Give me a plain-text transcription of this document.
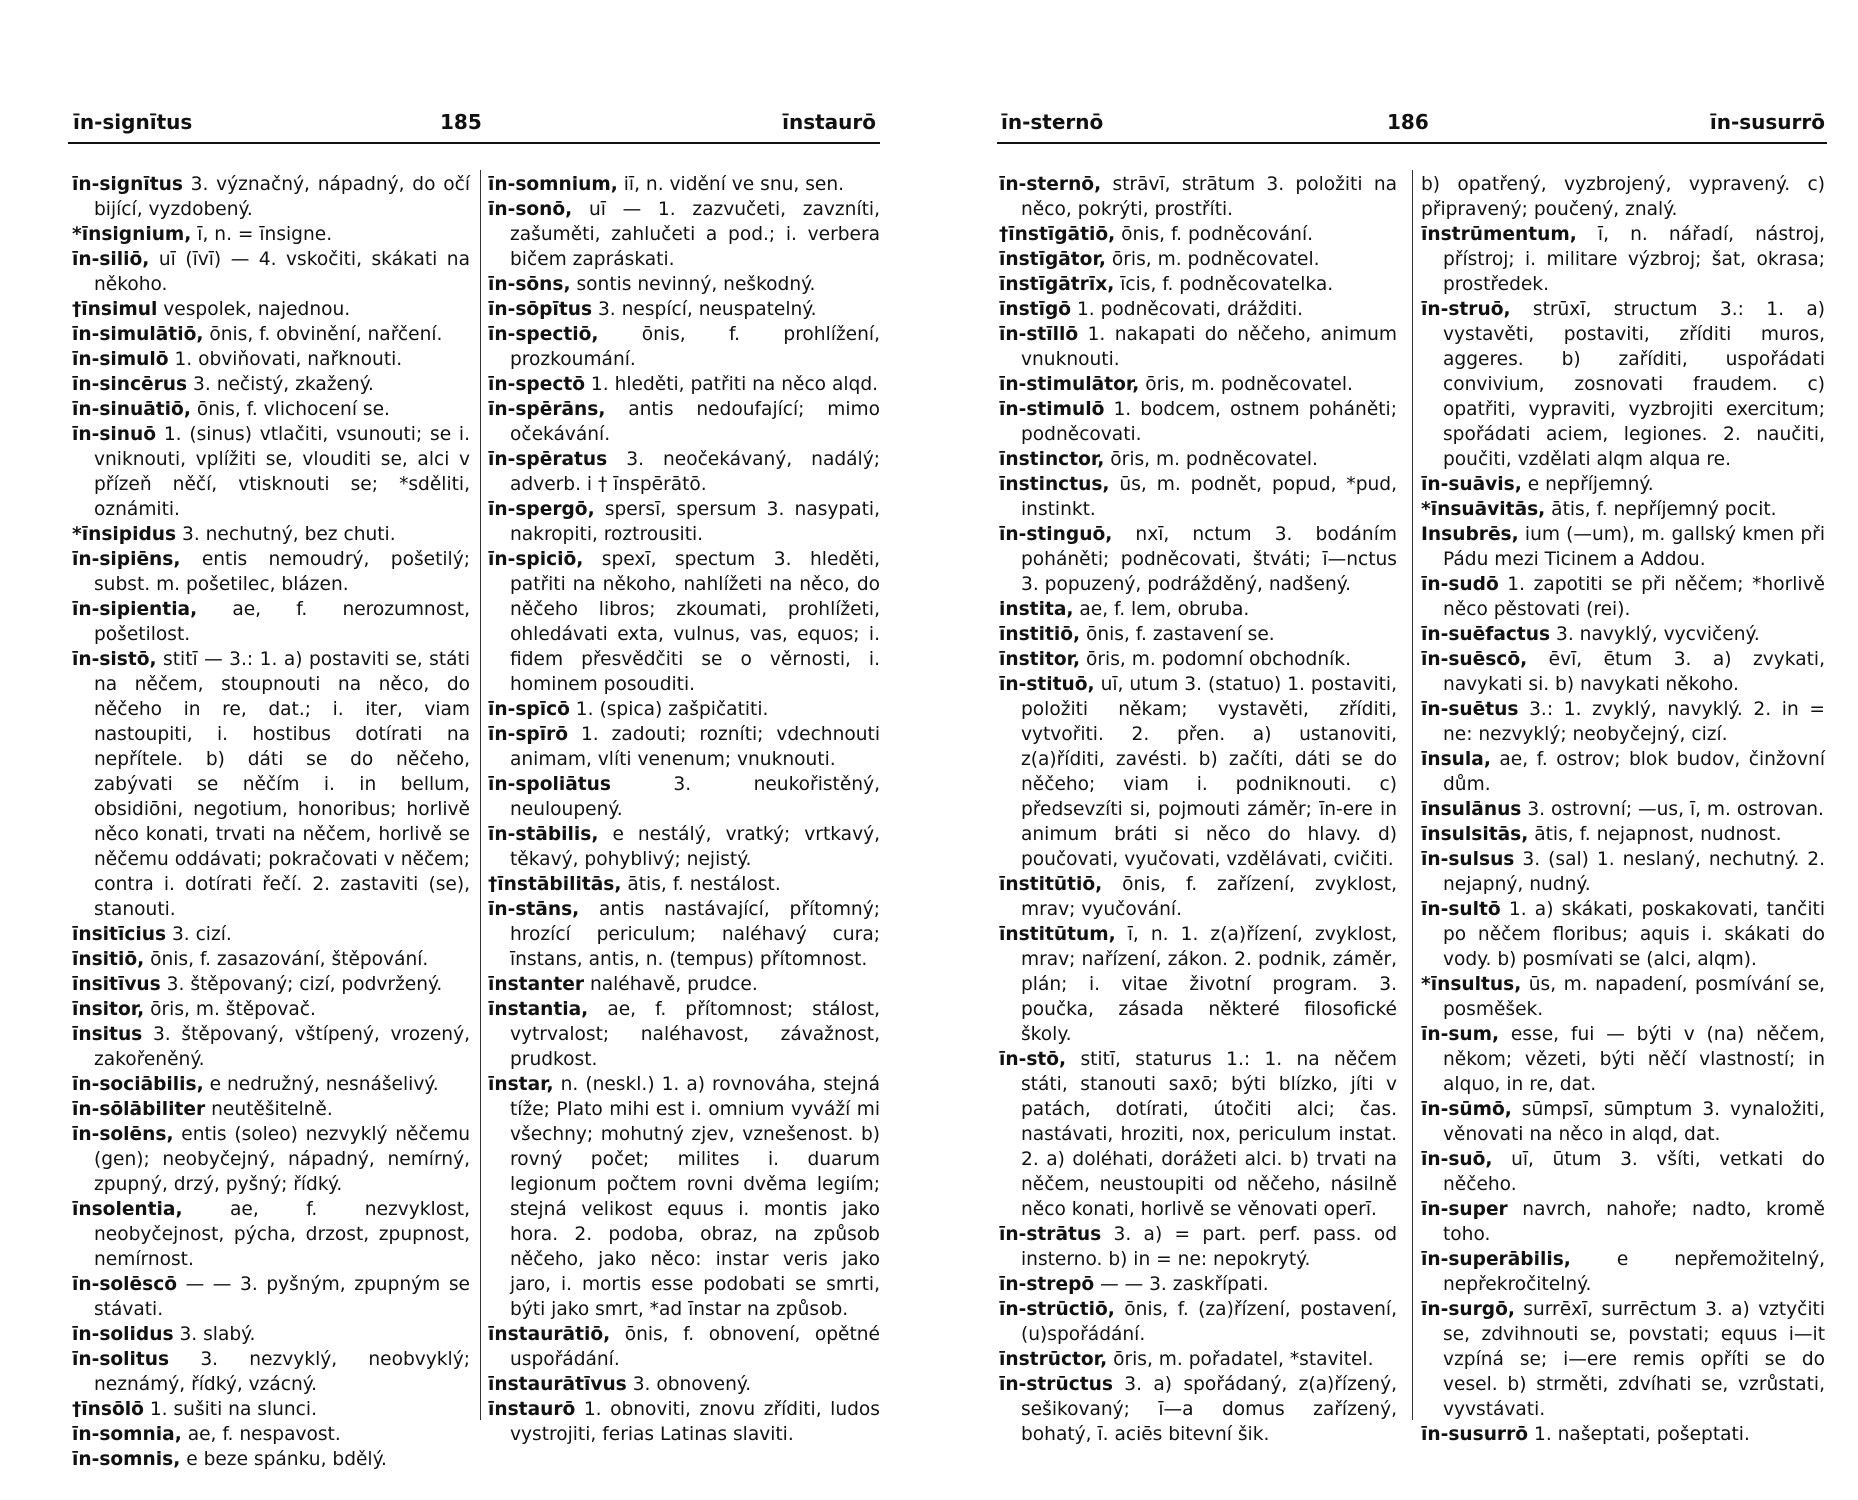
īn-signītus	185	īnstaurō

īn-signītus 3. význačný, nápadný, do očí bijící, vyzdobený.

*īnsignium, ī, n. = īnsigne.

īn-siliō, uī (īvī) — 4. vskočiti, skákati na někoho.

†īnsimul vespolek, najednou.

īn-simulātiō, ōnis, f. obvinění, nařčení.

īn-simulō 1. obviňovati, nařknouti.

īn-sincērus 3. nečistý, zkažený.

īn-sinuātiō, ōnis, f. vlichocení se.

īn-sinuō 1. (sinus) vtlačiti, vsunouti; se i. vniknouti, vplížiti se, vlouditi se, alci v přízeň něčí, vtisknouti se; *sděliti, oznámiti.

*īnsipidus 3. nechutný, bez chuti.

īn-sipiēns, entis nemoudrý, pošetilý; subst. m. pošetilec, blázen.

īn-sipientia, ae, f. nerozumnost, pošetilost.

īn-sistō, stitī — 3.: 1. a) postaviti se, státi na něčem, stoupnouti na něco, do něčeho in re, dat.; i. iter, viam nastoupiti, i. hostibus dotírati na nepřítele. b) dáti se do něčeho, zabývati se něčím i. in bellum, obsidiōni, negotium, honoribus; horlivě něco konati, trvati na něčem, horlivě se něčemu oddávati; pokračovati v něčem; contra i. dotírati řečí. 2. zastaviti (se), stanouti.

īnsitīcius 3. cizí.

īnsitiō, ōnis, f. zasazování, štěpování.

īnsitīvus 3. štěpovaný; cizí, podvržený.

īnsitor, ōris, m. štěpovač.

īnsitus 3. štěpovaný, vštípený, vrozený, zakořeněný.

īn-sociābilis, e nedružný, nesnášelivý.

īn-sōlābiliter neutěšitelně.

īn-solēns, entis (soleo) nezvyklý něčemu (gen); neobyčejný, nápadný, nemírný, zpupný, drzý, pyšný; řídký.

īnsolentia,	ae, f. nezvyklost, neobyčejnost, pýcha, drzost, zpupnost, nemírnost.

īn-solēscō — — 3. pyšným, zpupným se stávati.

īn-solidus 3. slabý.

īn-solitus 3. nezvyklý, neobvyklý; neznámý, řídký, vzácný.

†īnsōlō 1. sušiti na slunci.

īn-somnia, ae, f. nespavost.

īn-somnis, e beze spánku, bdělý.

īn-somnium, iī, n. vidění ve snu, sen.

īn-sonō, uī — 1. zazvučeti, zavzníti, zašuměti, zahlučeti a pod.; i. verbera bičem zapráskati.

īn-sōns, sontis nevinný, neškodný.

īn-sōpītus 3. nespící, neuspatelný.

īn-spectiō, ōnis, f. prohlížení, prozkoumání.

īn-spectō 1. hleděti, patřiti na něco alqd.

īn-spērāns, antis nedoufající; mimo očekávání.

īn-spēratus 3. neočekávaný, nadálý; adverb. i † īnspērātō.

īn-spergō, spersī, spersum 3. nasypati, nakropiti, roztrousiti.

īn-spiciō, spexī, spectum 3. hleděti, patřiti na někoho, nahlížeti na něco, do něčeho libros; zkoumati, prohlížeti, ohledávati exta, vulnus, vas, equos; i. fidem přesvědčiti se o věrnosti, i. hominem posouditi.

īn-spīcō 1. (spica) zašpičatiti.

īn-spīrō 1. zadouti; rozníti; vdechnouti animam, vlíti venenum; vnuknouti.

īn-spoliātus	3. neukořistěný, neuloupený.

īn-stābilis, e nestálý, vratký; vrtkavý, těkavý, pohyblivý; nejistý.

†īnstābilitās, ātis, f. nestálost.

īn-stāns, antis nastávající, přítomný; hrozící periculum; naléhavý cura; īnstans, antis, n. (tempus) přítomnost.

īnstanter naléhavě, prudce.

īnstantia, ae, f. přítomnost; stálost, vytrvalost; naléhavost, závažnost, prudkost.

īnstar, n. (neskl.) 1. a) rovnováha, stejná tíže; Plato mihi est i. omnium vyváží mi všechny; mohutný zjev, vznešenost. b) rovný počet; milites i. duarum legionum počtem rovni dvěma legiím; stejná velikost equus i. montis jako hora. 2. podoba, obraz, na způsob něčeho, jako něco: instar veris jako jaro, i. mortis esse podobati se smrti, býti jako smrt, *ad īnstar na způsob.

īnstaurātiō, ōnis, f. obnovení, opětné uspořádání.

īnstaurātīvus 3. obnovený.

īnstaurō 1. obnoviti, znovu zříditi, ludos vystrojiti, ferias Latinas slaviti.

īn-sternō	186	īn-susurrō

īn-sternō, strāvī, strātum 3. položiti na něco, pokrýti, prostříti.

†īnstīgātiō, ōnis, f. podněcování.

īnstīgātor, ōris, m. podněcovatel.

īnstīgātrīx, īcis, f. podněcovatelka.

īnstīgō 1. podněcovati, drážditi.

īn-stīllō 1. nakapati do něčeho, animum vnuknouti.

īn-stimulātor, ōris, m. podněcovatel.

īn-stimulō 1. bodcem, ostnem poháněti; podněcovati.

īnstinctor, ōris, m. podněcovatel.

īnstinctus, ūs, m. podnět, popud, *pud, instinkt.

īn-stinguō, nxī, nctum 3. bodáním poháněti; podněcovati, štváti; ī—nctus 3. popuzený, podrážděný, nadšený.

instita, ae, f. lem, obruba.

īnstitiō, ōnis, f. zastavení se.

īnstitor, ōris, m. podomní obchodník.

īn-stituō, uī, utum 3. (statuo) 1. postaviti, položiti někam; vystavěti, zříditi, vytvořiti. 2. přen. a) ustanoviti, z(a)říditi, zavésti. b) začíti, dáti se do něčeho; viam i. podniknouti. c) předsevzíti si, pojmouti záměr; īn-ere in animum bráti si něco do hlavy. d) poučovati, vyučovati, vzdělávati, cvičiti.

īnstitūtiō, ōnis, f. zařízení, zvyklost, mrav; vyučování.

īnstitūtum, ī, n. 1. z(a)řízení, zvyklost, mrav; nařízení, zákon. 2. podnik, záměr, plán; i. vitae životní program. 3. poučka, zásada některé filosofické školy.

īn-stō, stitī, staturus 1.: 1. na něčem státi, stanouti saxō; býti blízko, jíti v patách, dotírati, útočiti alci; čas. nastávati, hroziti, nox, periculum instat. 2. a) doléhati, dorážeti alci. b) trvati na něčem, neustoupiti od něčeho, násilně něco konati, horlivě se věnovati operī.

īn-strātus 3. a) = part. perf. pass. od insterno. b) in = ne: nepokrytý.

īn-strepō — — 3. zaskřípati.

īn-strūctiō, ōnis, f. (za)řízení, postavení, (u)spořádání.

īnstrūctor, ōris, m. pořadatel, *stavitel.

īn-strūctus 3. a) spořádaný, z(a)řízený, sešikovaný; ī—a domus zařízený, bohatý, ī. aciēs bitevní šik.

b) opatřený, vyzbrojený, vypravený. c) připravený; poučený, znalý.

īnstrūmentum, ī, n. nářadí, nástroj, přístroj; i. militare výzbroj; šat, okrasa; prostředek.

īn-struō, strūxī, structum 3.: 1. a) vystavěti, postaviti, zříditi muros, aggeres. b) zaříditi, uspořádati convivium, zosnovati fraudem. c) opatřiti, vypraviti, vyzbrojiti exercitum; spořádati aciem, legiones. 2. naučiti, poučiti, vzdělati alqm alqua re.

īn-suāvis, e nepříjemný.

*īnsuāvitās, ātis, f. nepříjemný pocit.

Insubrēs, ium (—um), m. gallský kmen při Pádu mezi Ticinem a Addou.

īn-sudō 1. zapotiti se při něčem; *horlivě něco pěstovati (rei).

īn-suēfactus 3. navyklý, vycvičený.

īn-suēscō, ēvī, ētum 3. a) zvykati, navykati si. b) navykati někoho.

īn-suētus 3.: 1. zvyklý, navyklý. 2. in = ne: nezvyklý; neobyčejný, cizí.

īnsula, ae, f. ostrov; blok budov, činžovní dům.

īnsulānus 3. ostrovní; —us, ī, m. ostrovan.

īnsulsitās, ātis, f. nejapnost, nudnost.

īn-sulsus 3. (sal) 1. neslaný, nechutný. 2. nejapný, nudný.

īn-sultō 1. a) skákati, poskakovati, tančiti po něčem floribus; aquis i. skákati do vody. b) posmívati se (alci, alqm).

*īnsultus, ūs, m. napadení, posmívání se, posměšek.

īn-sum, esse, fui — býti v (na) něčem, někom; vězeti, býti něčí vlastností; in alquo, in re, dat.

īn-sūmō, sūmpsī, sūmptum 3. vynaložiti, věnovati na něco in alqd, dat.

īn-suō, uī, ūtum 3. všíti, vetkati do něčeho.

īn-super navrch, nahoře; nadto, kromě toho.

īn-superābilis, e nepřemožitelný, nepřekročitelný.

īn-surgō, surrēxī, surrēctum 3. a) vztyčiti se, zdvihnouti se, povstati; equus i—it vzpíná se; i—ere remis opříti se do vesel. b) strměti, zdvíhati se, vzrůstati, vyvstávati.

īn-susurrō 1. našeptati, pošeptati.
